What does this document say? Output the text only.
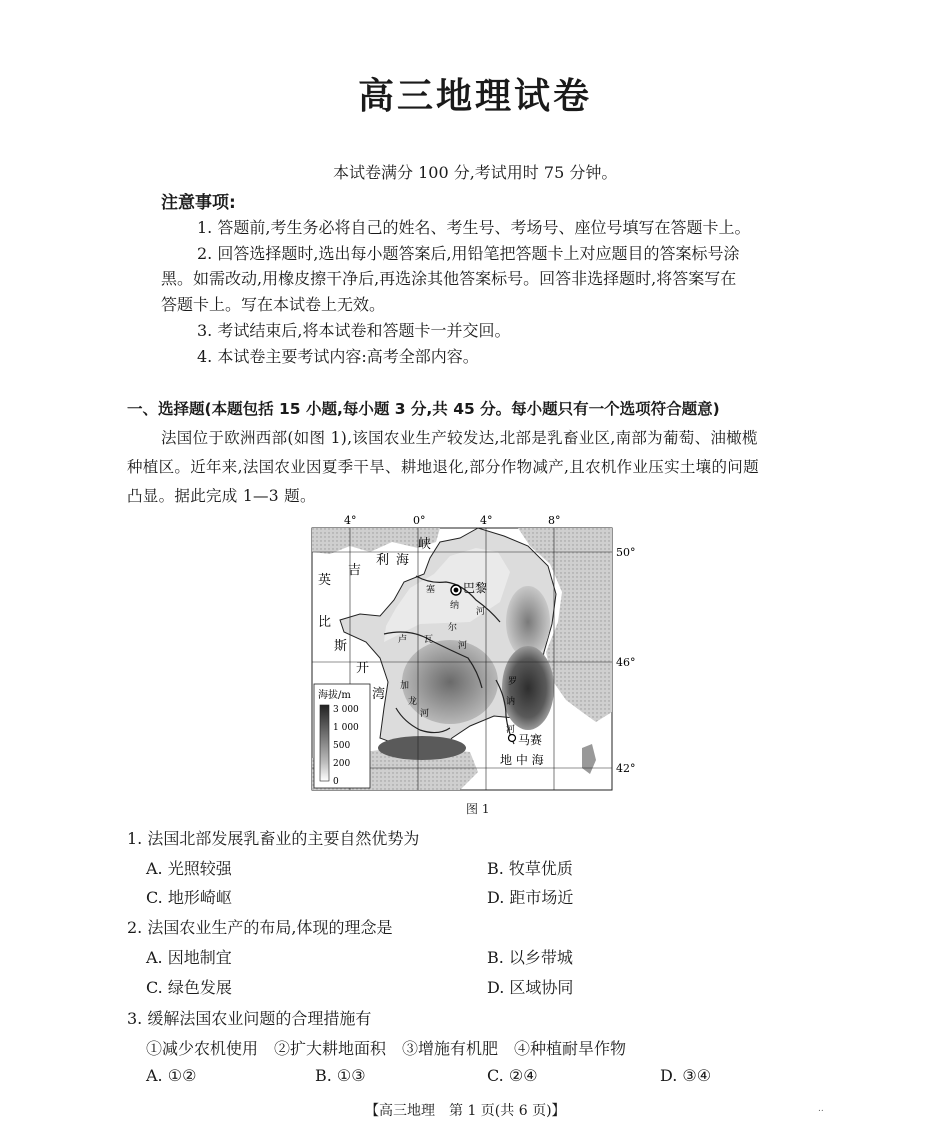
高三地理试卷
本试卷满分 100 分,考试用时 75 分钟。
注意事项:
1. 答题前,考生务必将自己的姓名、考生号、考场号、座位号填写在答题卡上。
2. 回答选择题时,选出每小题答案后,用铅笔把答题卡上对应题目的答案标号涂
黑。如需改动,用橡皮擦干净后,再选涂其他答案标号。回答非选择题时,将答案写在
答题卡上。写在本试卷上无效。
3. 考试结束后,将本试卷和答题卡一并交回。
4. 本试卷主要考试内容:高考全部内容。
一、选择题(本题包括 15 小题,每小题 3 分,共 45 分。每小题只有一个选项符合题意)
法国位于欧洲西部(如图 1),该国农业生产较发达,北部是乳畜业区,南部为葡萄、油橄榄
种植区。近年来,法国农业因夏季干旱、耕地退化,部分作物减产,且农机作业压实土壤的问题
凸显。据此完成 1—3 题。
4°	0°	4°	8°
50°
46°
42°
峡
利 海
英
吉
比
斯
开
湾
塞
纳
河
卢 瓦
尔
河
加
龙
河
罗
讷
河
巴黎
马赛
地 中 海
海拔/m
3 000
1 000
500
200
0
图 1
1. 法国北部发展乳畜业的主要自然优势为
A. 光照较强	B. 牧草优质
C. 地形崎岖	D. 距市场近
2. 法国农业生产的布局,体现的理念是
A. 因地制宜	B. 以乡带城
C. 绿色发展	D. 区域协同
3. 缓解法国农业问题的合理措施有
①减少农机使用　②扩大耕地面积　③增施有机肥　④种植耐旱作物
A. ①②	B. ①③	C. ②④	D. ③④
【高三地理　第 1 页(共 6 页)】	..
